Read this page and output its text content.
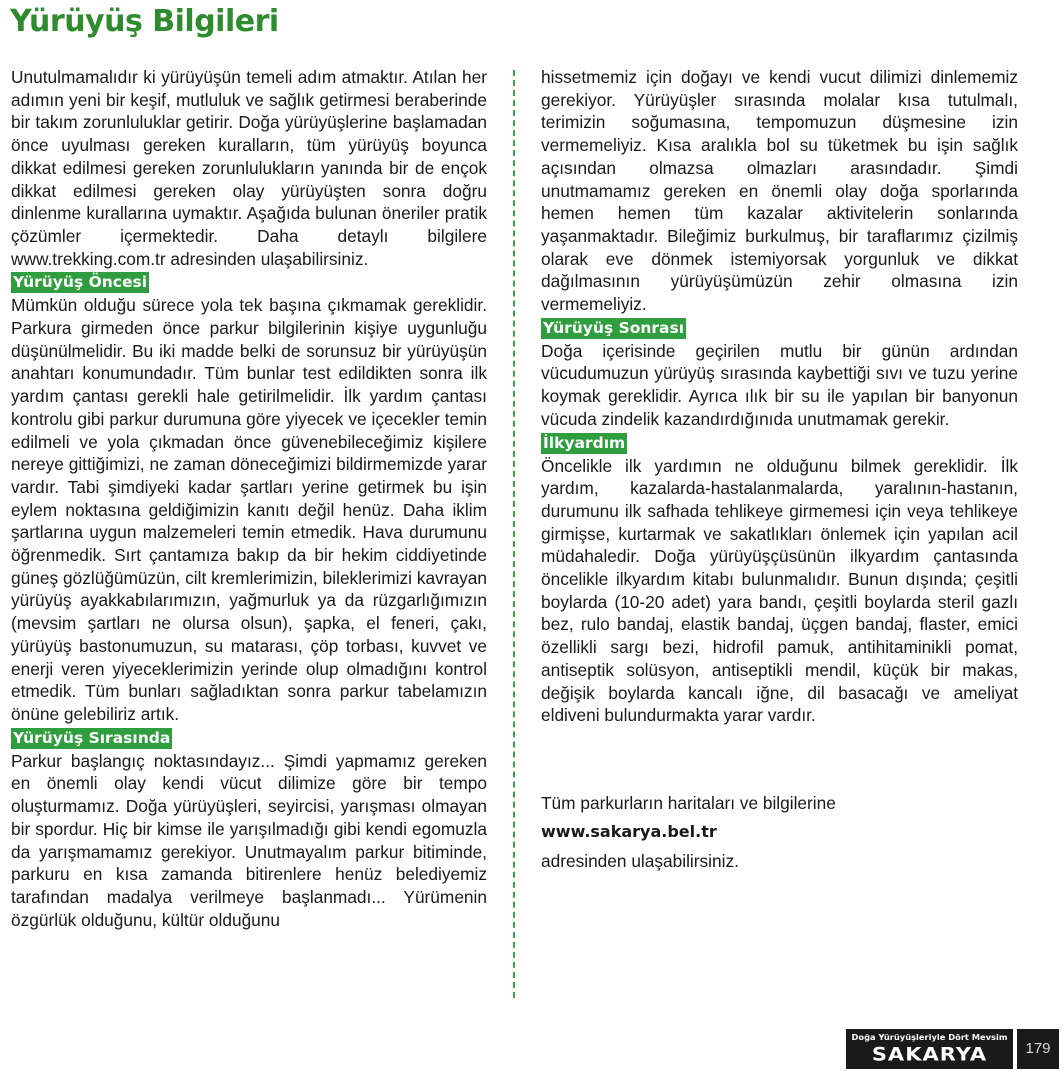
Yürüyüş Bilgileri

Unutulmamalıdır ki yürüyüşün temeli adım atmaktır. Atılan her adımın yeni bir keşif, mutluluk ve sağlık getirmesi beraberinde bir takım zorunluluklar getirir. Doğa yürüyüşlerine başlamadan önce uyulması gereken kuralların, tüm yürüyüş boyunca dikkat edilmesi gereken zorunlulukların yanında bir de ençok dikkat edilmesi gereken olay yürüyüşten sonra doğru dinlenme kurallarına uymaktır. Aşağıda bulunan öneriler pratik çözümler içermektedir. Daha detaylı bilgilere www.trekking.com.tr adresinden ulaşabilirsiniz.

Yürüyüş Öncesi

Mümkün olduğu sürece yola tek başına çıkmamak gereklidir. Parkura girmeden önce parkur bilgilerinin kişiye uygunluğu düşünülmelidir. Bu iki madde belki de sorunsuz bir yürüyüşün anahtarı konumundadır. Tüm bunlar test edildikten sonra ilk yardım çantası gerekli hale getirilmelidir. İlk yardım çantası kontrolu gibi parkur durumuna göre yiyecek ve içecekler temin edilmeli ve yola çıkmadan önce güvenebileceğimiz kişilere nereye gittiğimizi, ne zaman döneceğimizi bildirmemizde yarar vardır. Tabi şimdiyeki kadar şartları yerine getirmek bu işin eylem noktasına geldiğimizin kanıtı değil henüz. Daha iklim şartlarına uygun malzemeleri temin etmedik. Hava durumunu öğrenmedik. Sırt çantamıza bakıp da bir hekim ciddiyetinde güneş gözlüğümüzün, cilt kremlerimizin, bileklerimizi kavrayan yürüyüş ayakkabılarımızın, yağmurluk ya da rüzgarlığımızın (mevsim şartları ne olursa olsun), şapka, el feneri, çakı, yürüyüş bastonumuzun, su matarası, çöp torbası, kuvvet ve enerji veren yiyeceklerimizin yerinde olup olmadığını kontrol etmedik. Tüm bunları sağladıktan sonra parkur tabelamızın önüne gelebiliriz artık.

Yürüyüş Sırasında

Parkur başlangıç noktasındayız... Şimdi yapmamız gereken en önemli olay kendi vücut dilimize göre bir tempo oluşturmamız. Doğa yürüyüşleri, seyircisi, yarışması olmayan bir spordur. Hiç bir kimse ile yarışılmadığı gibi kendi egomuzla da yarışmamamız gerekiyor. Unutmayalım parkur bitiminde, parkuru en kısa zamanda bitirenlere henüz belediyemiz tarafından madalya verilmeye başlanmadı... Yürümenin özgürlük olduğunu, kültür olduğunu

hissetmemiz için doğayı ve kendi vucut dilimizi dinlememiz gerekiyor. Yürüyüşler sırasında molalar kısa tutulmalı, terimizin soğumasına, tempomuzun düşmesine izin vermemeliyiz. Kısa aralıkla bol su tüketmek bu işin sağlık açısından olmazsa olmazları arasındadır. Şimdi unutmamamız gereken en önemli olay doğa sporlarında hemen hemen tüm kazalar aktivitelerin sonlarında yaşanmaktadır. Bileğimiz burkulmuş, bir taraflarımız çizilmiş olarak eve dönmek istemiyorsak yorgunluk ve dikkat dağılmasının yürüyüşümüzün zehir olmasına izin vermemeliyiz.

Yürüyüş Sonrası

Doğa içerisinde geçirilen mutlu bir günün ardından vücudumuzun yürüyüş sırasında kaybettiği sıvı ve tuzu yerine koymak gereklidir. Ayrıca ılık bir su ile yapılan bir banyonun vücuda zindelik kazandırdığınıda unutmamak gerekir.

İlkyardım

Öncelikle ilk yardımın ne olduğunu bilmek gereklidir. İlk yardım, kazalarda-hastalanmalarda, yaralının-hastanın, durumunu ilk safhada tehlikeye girmemesi için veya tehlikeye girmişse, kurtarmak ve sakatlıkları önlemek için yapılan acil müdahaledir. Doğa yürüyüşçüsünün ilkyardım çantasında öncelikle ilkyardım kitabı bulunmalıdır. Bunun dışında; çeşitli boylarda (10-20 adet) yara bandı, çeşitli boylarda steril gazlı bez, rulo bandaj, elastik bandaj, üçgen bandaj, flaster, emici özellikli sargı bezi, hidrofil pamuk, antihitaminikli pomat, antiseptik solüsyon, antiseptikli mendil, küçük bir makas, değişik boylarda kancalı iğne, dil basacağı ve ameliyat eldiveni bulundurmakta yarar vardır.

Tüm parkurların haritaları ve bilgilerine

www.sakarya.bel.tr

adresinden ulaşabilirsiniz.

Doğa Yürüyüşleriyle Dört Mevsim
SAKARYA	179
